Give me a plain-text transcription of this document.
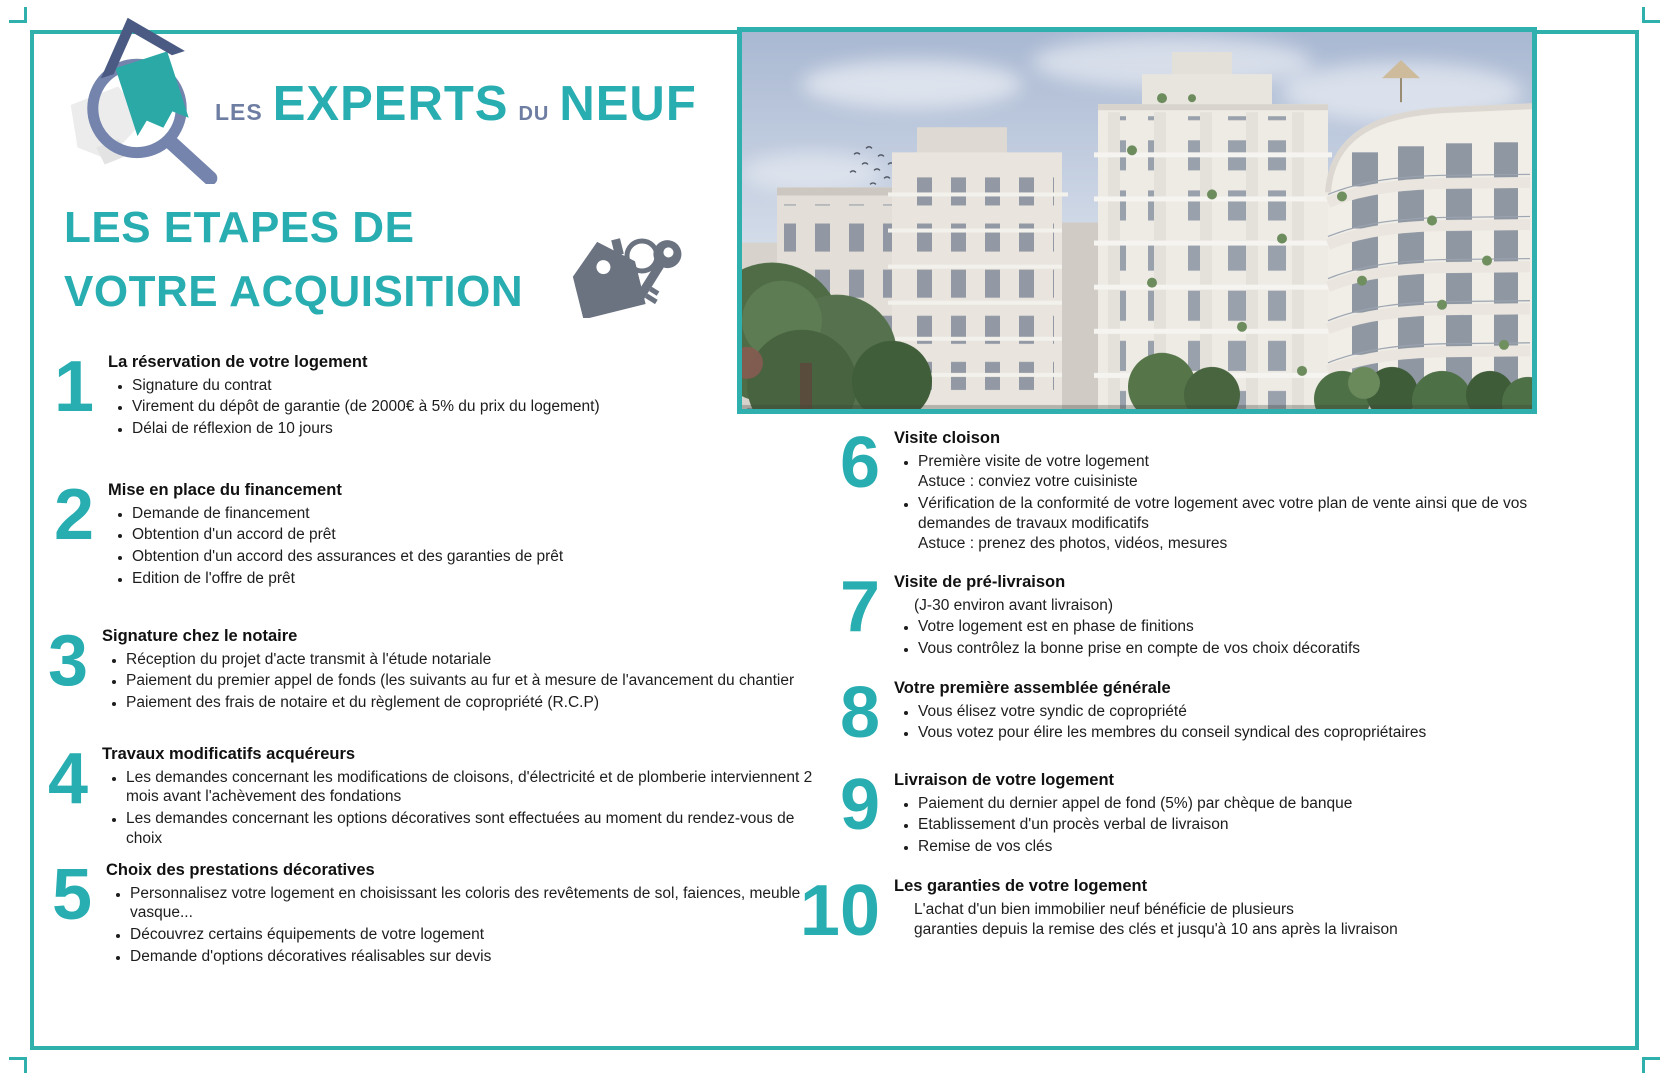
LES EXPERTS DU NEUF
LES ETAPES DE
VOTRE ACQUISITION
1 La réservation de votre logement
• Signature du contrat
• Virement du dépôt de garantie (de 2000€ à 5% du prix du logement)
• Délai de réflexion de 10 jours
2 Mise en place du financement
• Demande de financement
• Obtention d'un accord de prêt
• Obtention d'un accord des assurances et des garanties de prêt
• Edition de l'offre de prêt
3 Signature chez le notaire
• Réception du projet d'acte transmit à l'étude notariale
• Paiement du premier appel de fonds (les suivants au fur et à mesure de l'avancement du chantier
• Paiement des frais de notaire et du règlement de copropriété (R.C.P)
4 Travaux modificatifs acquéreurs
• Les demandes concernant les modifications de cloisons, d'électricité et de plomberie interviennent 2 mois avant l'achèvement des fondations
• Les demandes concernant les options décoratives sont effectuées au moment du rendez-vous de choix
5 Choix des prestations décoratives
• Personnalisez votre logement en choisissant les coloris des revêtements de sol, faiences, meuble vasque...
• Découvrez certains équipements de votre logement
• Demande d'options décoratives réalisables sur devis
6 Visite cloison
• Première visite de votre logement
Astuce : conviez votre cuisiniste
• Vérification de la conformité de votre logement avec votre plan de vente ainsi que de vos demandes de travaux modificatifs
Astuce : prenez des photos, vidéos, mesures
7 Visite de pré-livraison
(J-30 environ avant livraison)
• Votre logement est en phase de finitions
• Vous contrôlez la bonne prise en compte de vos choix décoratifs
8 Votre première assemblée générale
• Vous élisez votre syndic de copropriété
• Vous votez pour élire les membres du conseil syndical des copropriétaires
9 Livraison de votre logement
• Paiement du dernier appel de fond (5%) par chèque de banque
• Etablissement d'un procès verbal de livraison
• Remise de vos clés
10 Les garanties de votre logement
L'achat d'un bien immobilier neuf bénéficie de plusieurs
garanties depuis la remise des clés et jusqu'à 10 ans après la livraison
